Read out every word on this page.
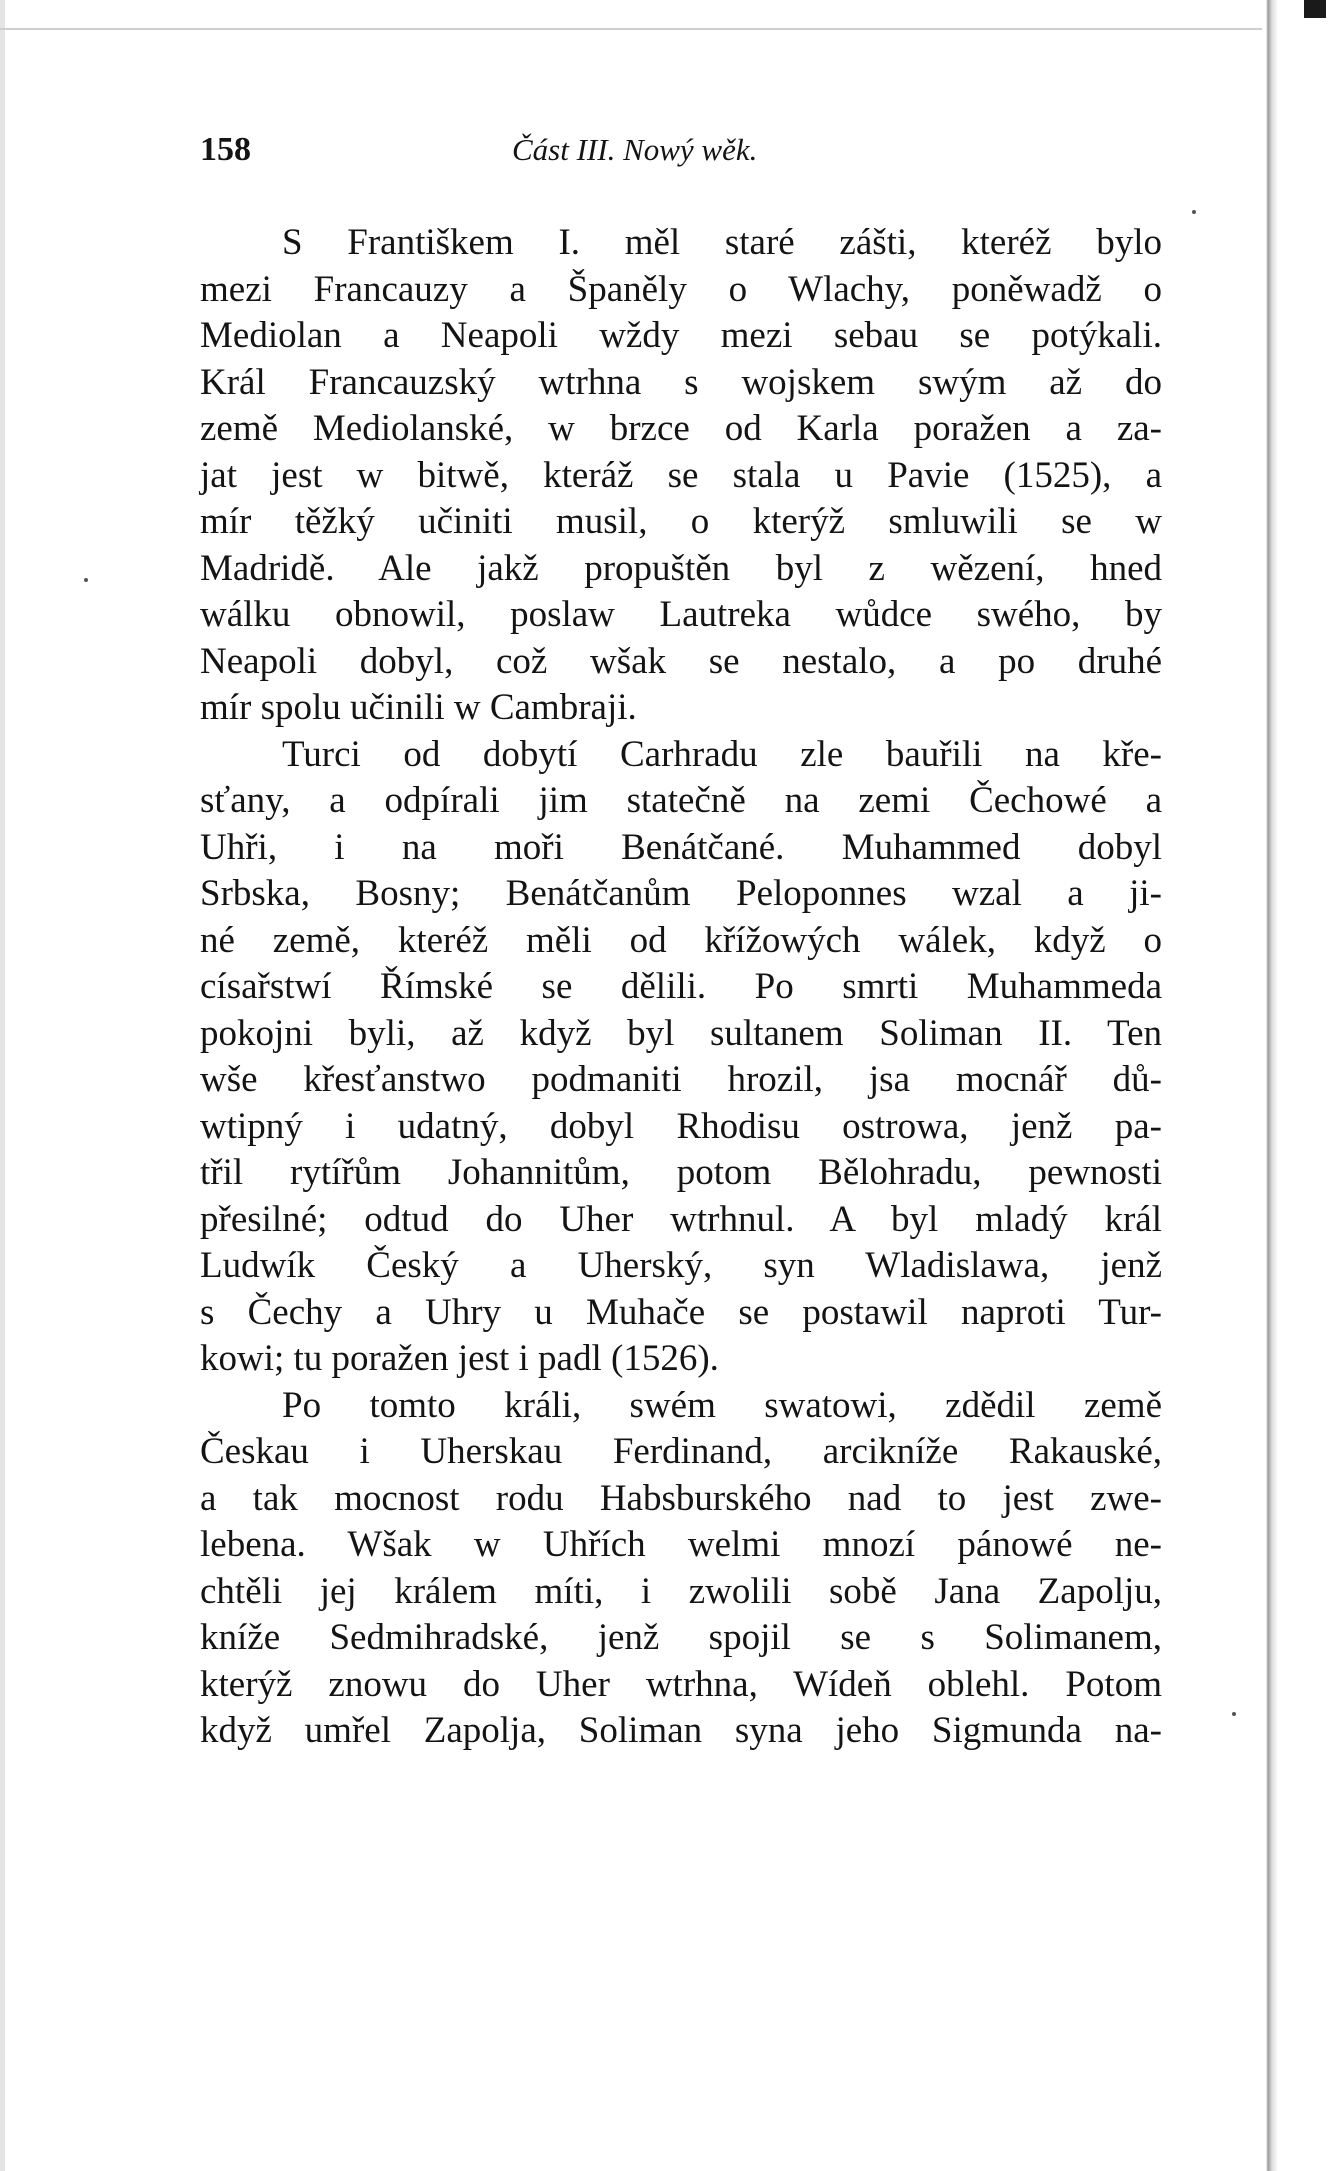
158	Část III. Nowý wěk.
S Františkem I. měl staré zášti, kteréž bylo
mezi Francauzy a Španěly o Wlachy, poněwadž o
Mediolan a Neapoli wždy mezi sebau se potýkali.
Král Francauzský wtrhna s wojskem swým až do
země Mediolanské, w brzce od Karla poražen a za-
jat jest w bitwě, kteráž se stala u Pavie (1525), a
mír těžký učiniti musil, o kterýž smluwili se w
Madridě. Ale jakž propuštěn byl z wězení, hned
wálku obnowil, poslaw Lautreka wůdce swého, by
Neapoli dobyl, což wšak se nestalo, a po druhé
mír spolu učinili w Cambraji.
Turci od dobytí Carhradu zle bauřili na kře-
sťany, a odpírali jim statečně na zemi Čechowé a
Uhři, i na moři Benátčané. Muhammed dobyl
Srbska, Bosny; Benátčanům Peloponnes wzal a ji-
né země, kteréž měli od křížowých wálek, když o
císařstwí Římské se dělili. Po smrti Muhammeda
pokojni byli, až když byl sultanem Soliman II. Ten
wše křesťanstwo podmaniti hrozil, jsa mocnář dů-
wtipný i udatný, dobyl Rhodisu ostrowa, jenž pa-
třil rytířům Johannitům, potom Bělohradu, pewnosti
přesilné; odtud do Uher wtrhnul. A byl mladý král
Ludwík Český a Uherský, syn Wladislawa, jenž
s Čechy a Uhry u Muhače se postawil naproti Tur-
kowi; tu poražen jest i padl (1526).
Po tomto králi, swém swatowi, zdědil země
Českau i Uherskau Ferdinand, arcikníže Rakauské,
a tak mocnost rodu Habsburského nad to jest zwe-
lebena. Wšak w Uhřích welmi mnozí pánowé ne-
chtěli jej králem míti, i zwolili sobě Jana Zapolju,
kníže Sedmihradské, jenž spojil se s Solimanem,
kterýž znowu do Uher wtrhna, Wídeň oblehl. Potom
když umřel Zapolja, Soliman syna jeho Sigmunda na-
